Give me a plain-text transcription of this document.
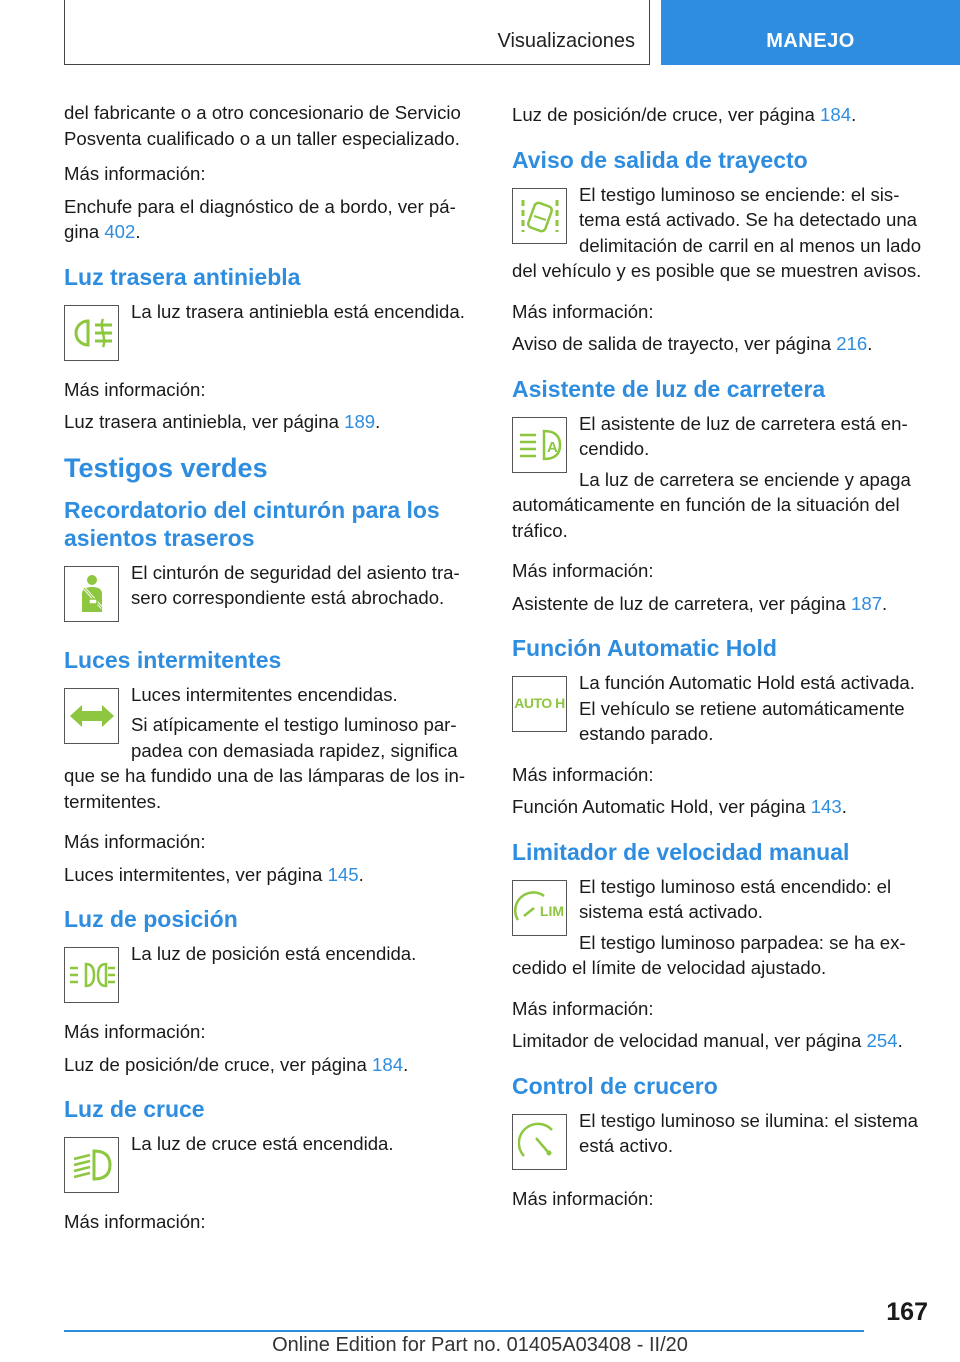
Visualizaciones	MANEJO

del fabricante o a otro concesionario de Servicio Posventa cualificado o a un taller especializado.

Más información:

Enchufe para el diagnóstico de a bordo, ver pá-gina 402.

Luz trasera antiniebla

La luz trasera antiniebla está encendida.

Más información:

Luz trasera antiniebla, ver página 189.

Testigos verdes
Recordatorio del cinturón para los asientos traseros

El cinturón de seguridad del asiento tra-sero correspondiente está abrochado.

Luces intermitentes

Luces intermitentes encendidas.

Si atípicamente el testigo luminoso par-padea con demasiada rapidez, significa que se ha fundido una de las lámparas de los in-termitentes.

Más información:

Luces intermitentes, ver página 145.

Luz de posición

La luz de posición está encendida.

Más información:

Luz de posición/de cruce, ver página 184.

Luz de cruce

La luz de cruce está encendida.

Más información:

Luz de posición/de cruce, ver página 184.

Aviso de salida de trayecto

El testigo luminoso se enciende: el sis-tema está activado. Se ha detectado una delimitación de carril en al menos un lado del vehículo y es posible que se muestren avisos.

Más información:

Aviso de salida de trayecto, ver página 216.

Asistente de luz de carretera
A

El asistente de luz de carretera está en-cendido.

La luz de carretera se enciende y apaga automáticamente en función de la situación del tráfico.

Más información:

Asistente de luz de carretera, ver página 187.

Función Automatic Hold
AUTO H

La función Automatic Hold está activada. El vehículo se retiene automáticamente estando parado.

Más información:

Función Automatic Hold, ver página 143.

Limitador de velocidad manual
LIM

El testigo luminoso está encendido: el sistema está activado.

El testigo luminoso parpadea: se ha ex-cedido el límite de velocidad ajustado.

Más información:

Limitador de velocidad manual, ver página 254.

Control de crucero

El testigo luminoso se ilumina: el sistema está activo.

Más información:

167
Online Edition for Part no. 01405A03408 - II/20
